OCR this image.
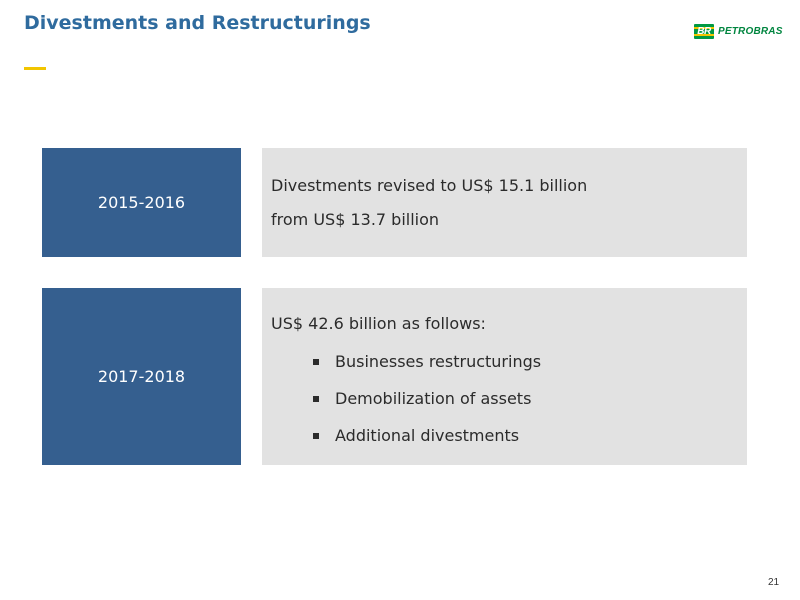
Divestments and Restructurings	BR PETROBRAS
2015-2016
Divestments revised to US$ 15.1 billion
from US$ 13.7 billion
2017-2018
US$ 42.6 billion as follows:
Businesses restructurings
Demobilization of assets
Additional divestments
21
